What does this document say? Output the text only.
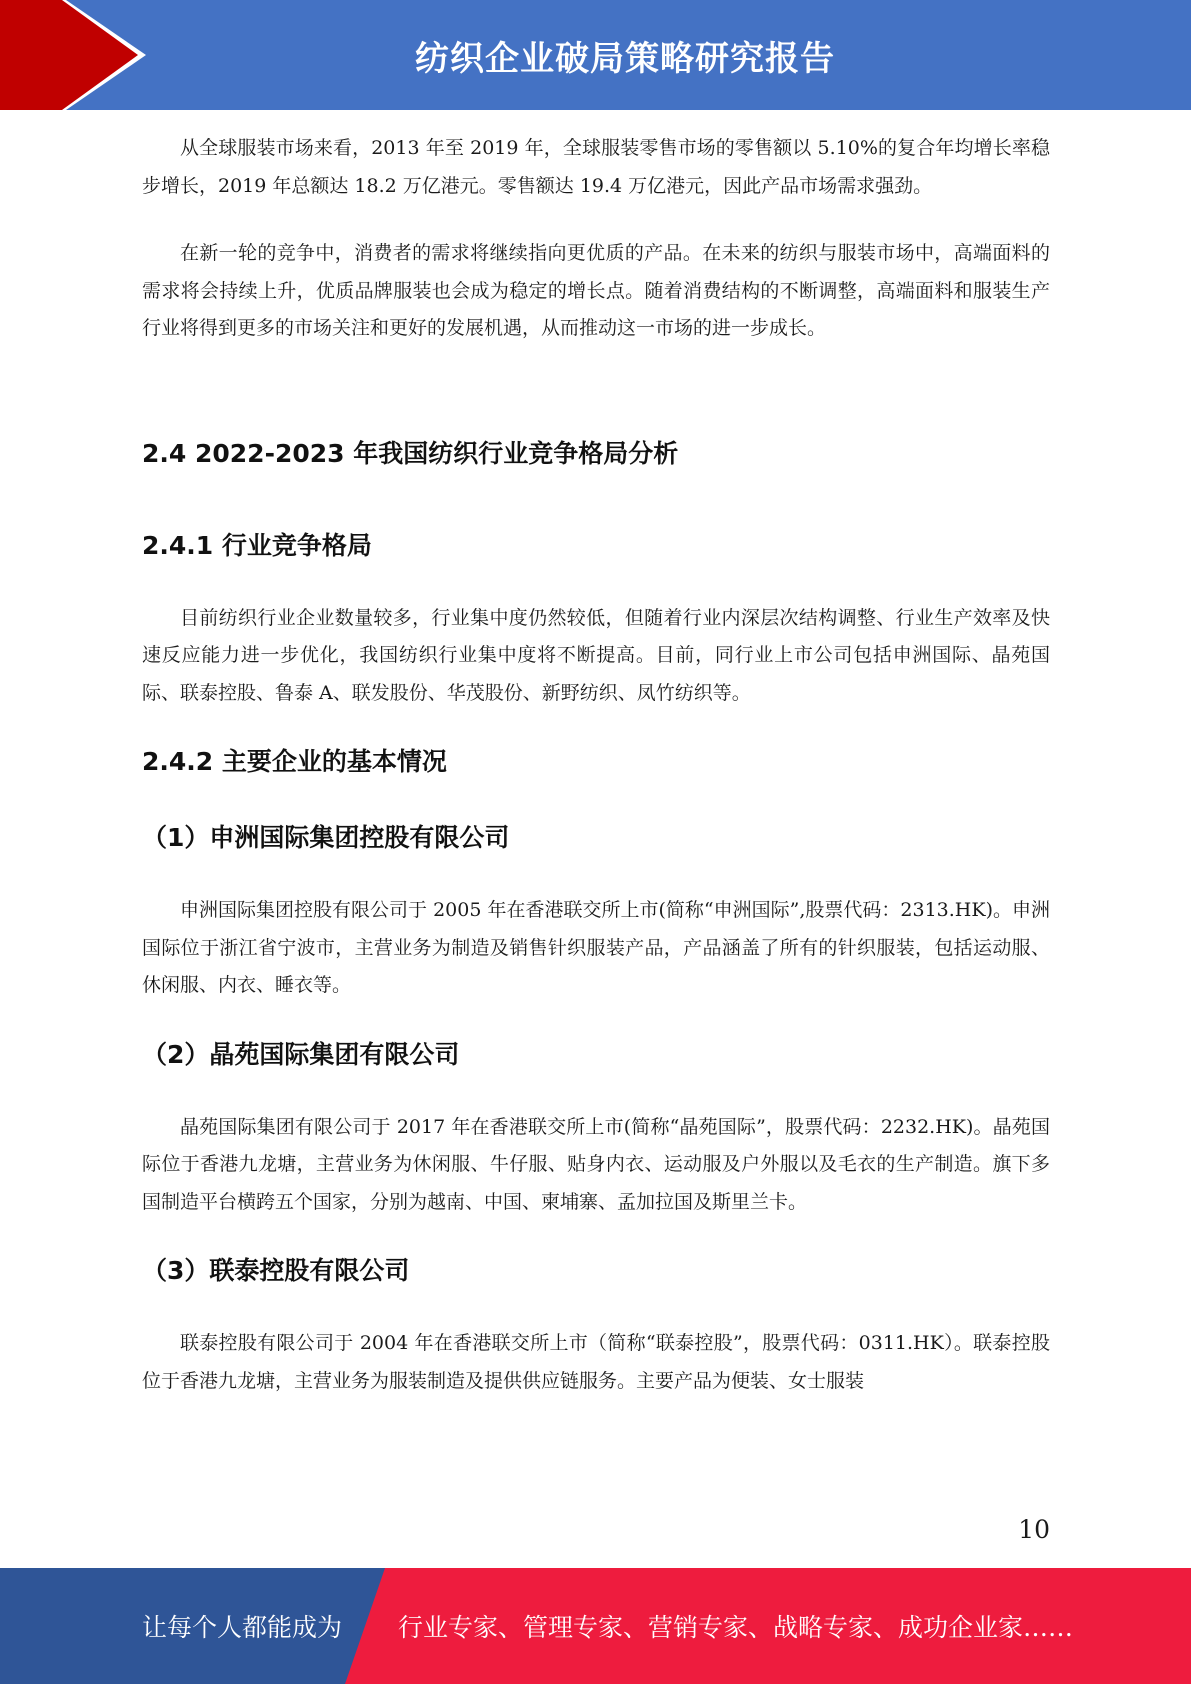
纺织企业破局策略研究报告

从全球服装市场来看，2013 年至 2019 年，全球服装零售市场的零售额以 5.10%的复合年均增长率稳步增长，2019 年总额达 18.2 万亿港元。零售额达 19.4 万亿港元，因此产品市场需求强劲。

在新一轮的竞争中，消费者的需求将继续指向更优质的产品。在未来的纺织与服装市场中，高端面料的需求将会持续上升，优质品牌服装也会成为稳定的增长点。随着消费结构的不断调整，高端面料和服装生产行业将得到更多的市场关注和更好的发展机遇，从而推动这一市场的进一步成长。

2.4 2022-2023 年我国纺织行业竞争格局分析
2.4.1 行业竞争格局

目前纺织行业企业数量较多，行业集中度仍然较低，但随着行业内深层次结构调整、行业生产效率及快速反应能力进一步优化，我国纺织行业集中度将不断提高。目前，同行业上市公司包括申洲国际、晶苑国际、联泰控股、鲁泰 A、联发股份、华茂股份、新野纺织、凤竹纺织等。

2.4.2 主要企业的基本情况
（1）申洲国际集团控股有限公司

申洲国际集团控股有限公司于 2005 年在香港联交所上市(简称“申洲国际”,股票代码：2313.HK)。申洲国际位于浙江省宁波市，主营业务为制造及销售针织服装产品，产品涵盖了所有的针织服装，包括运动服、休闲服、内衣、睡衣等。

（2）晶苑国际集团有限公司

晶苑国际集团有限公司于 2017 年在香港联交所上市(简称“晶苑国际”，股票代码：2232.HK)。晶苑国际位于香港九龙塘，主营业务为休闲服、牛仔服、贴身内衣、运动服及户外服以及毛衣的生产制造。旗下多国制造平台横跨五个国家，分别为越南、中国、柬埔寨、孟加拉国及斯里兰卡。

（3）联泰控股有限公司

联泰控股有限公司于 2004 年在香港联交所上市（简称“联泰控股”，股票代码：0311.HK）。联泰控股位于香港九龙塘，主营业务为服装制造及提供供应链服务。主要产品为便装、女士服装

10
让每个人都能成为 行业专家、管理专家、营销专家、战略专家、成功企业家……
